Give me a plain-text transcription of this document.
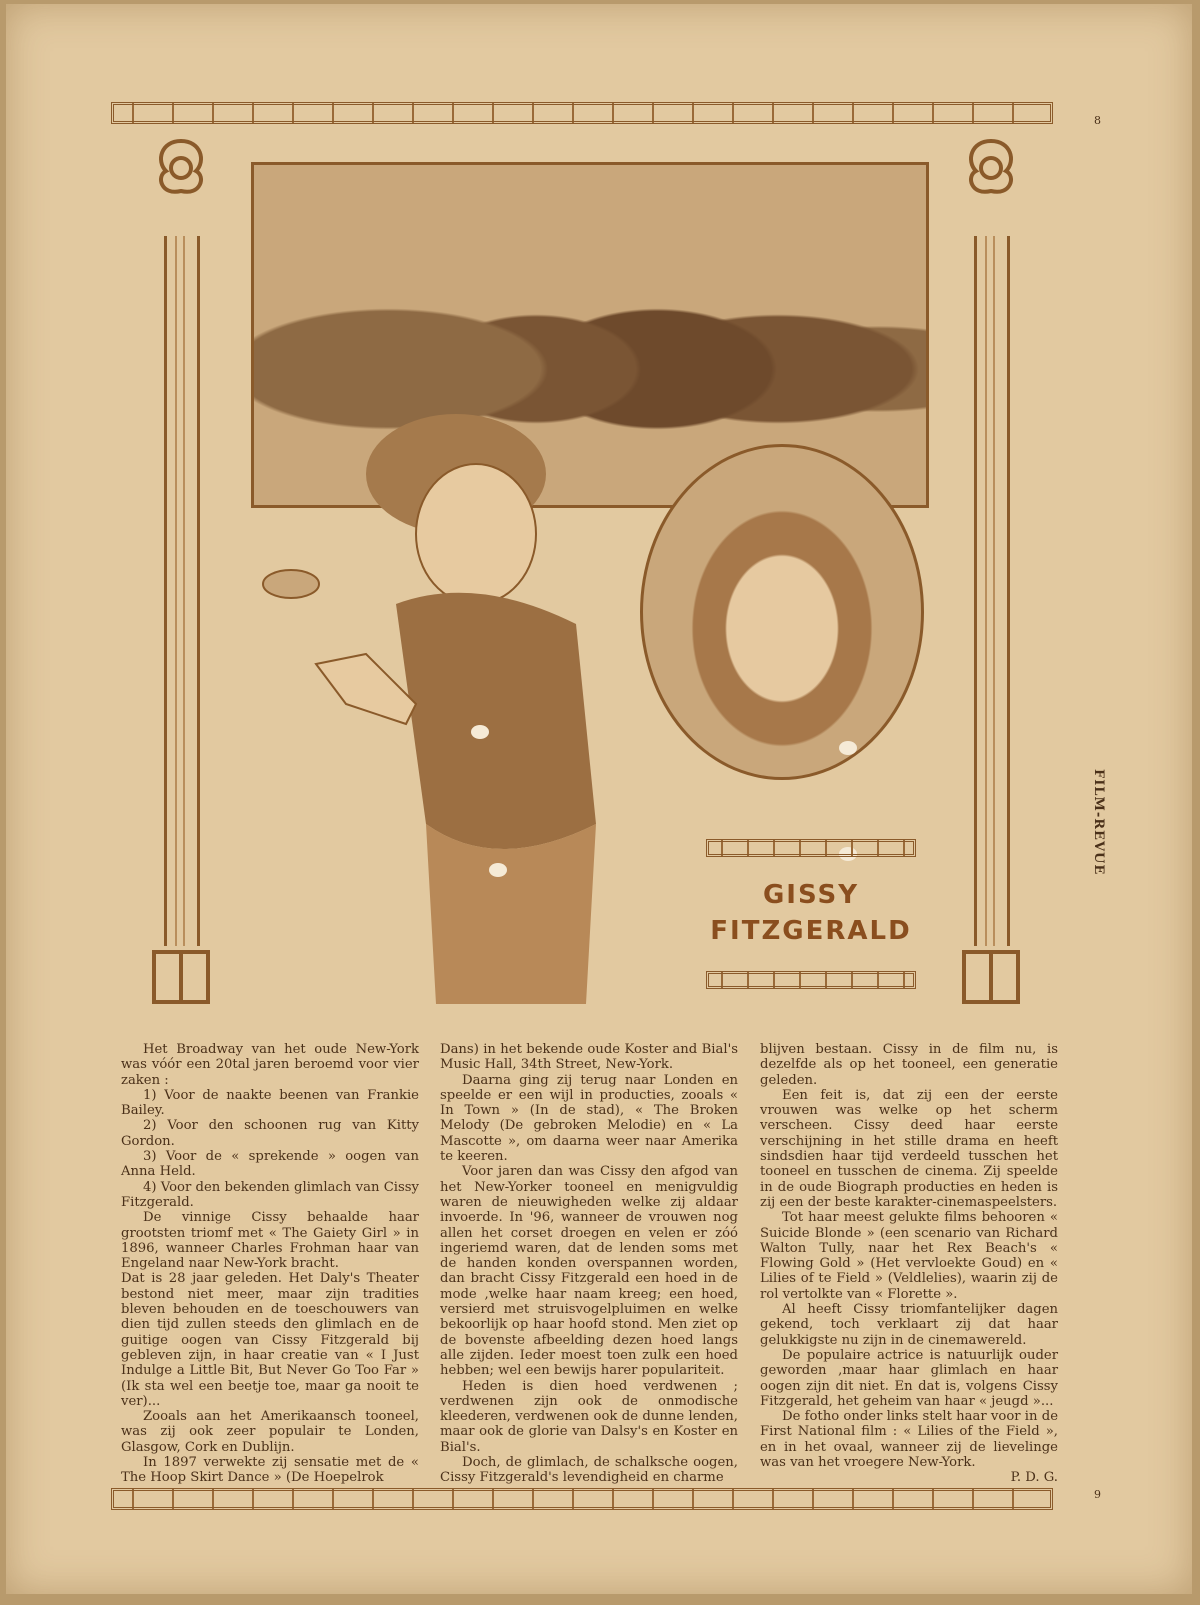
GISSY
FITZGERALD
8
9
FILM-REVUE

Het Broadway van het oude New-York was vóór een 20tal jaren beroemd voor vier zaken :

1) Voor de naakte beenen van Frankie Bailey.

2) Voor den schoonen rug van Kitty Gordon.

3) Voor de « sprekende » oogen van Anna Held.

4) Voor den bekenden glimlach van Cissy Fitzgerald.

De vinnige Cissy behaalde haar grootsten triomf met « The Gaiety Girl » in 1896, wanneer Charles Frohman haar van Engeland naar New-York bracht.

Dat is 28 jaar geleden. Het Daly's Theater bestond niet meer, maar zijn tradities bleven behouden en de toeschouwers van dien tijd zullen steeds den glimlach en de guitige oogen van Cissy Fitzgerald bij gebleven zijn, in haar creatie van « I Just Indulge a Little Bit, But Never Go Too Far » (Ik sta wel een beetje toe, maar ga nooit te ver)...

Zooals aan het Amerikaansch tooneel, was zij ook zeer populair te Londen, Glasgow, Cork en Dublijn.

In 1897 verwekte zij sensatie met de « The Hoop Skirt Dance » (De Hoepelrok

Dans) in het bekende oude Koster and Bial's Music Hall, 34th Street, New-York.

Daarna ging zij terug naar Londen en speelde er een wijl in producties, zooals « In Town » (In de stad), « The Broken Melody (De gebroken Melodie) en « La Mascotte », om daarna weer naar Amerika te keeren.

Voor jaren dan was Cissy den afgod van het New-Yorker tooneel en menigvuldig waren de nieuwigheden welke zij aldaar invoerde. In '96, wanneer de vrouwen nog allen het corset droegen en velen er zóó ingeriemd waren, dat de lenden soms met de handen konden overspannen worden, dan bracht Cissy Fitzgerald een hoed in de mode ,welke haar naam kreeg; een hoed, versierd met struisvogelpluimen en welke bekoorlijk op haar hoofd stond. Men ziet op de bovenste afbeelding dezen hoed langs alle zijden. Ieder moest toen zulk een hoed hebben; wel een bewijs harer populariteit.

Heden is dien hoed verdwenen ; verdwenen zijn ook de onmodische kleederen, verdwenen ook de dunne lenden, maar ook de glorie van Dalsy's en Koster en Bial's.

Doch, de glimlach, de schalksche oogen, Cissy Fitzgerald's levendigheid en charme

blijven bestaan. Cissy in de film nu, is dezelfde als op het tooneel, een generatie geleden.

Een feit is, dat zij een der eerste vrouwen was welke op het scherm verscheen. Cissy deed haar eerste verschijning in het stille drama en heeft sindsdien haar tijd verdeeld tusschen het tooneel en tusschen de cinema. Zij speelde in de oude Biograph producties en heden is zij een der beste karakter-cinemaspeelsters.

Tot haar meest gelukte films behooren « Suicide Blonde » (een scenario van Richard Walton Tully, naar het Rex Beach's « Flowing Gold » (Het vervloekte Goud) en « Lilies of te Field » (Veldlelies), waarin zij de rol vertolkte van « Florette ».

Al heeft Cissy triomfantelijker dagen gekend, toch verklaart zij dat haar gelukkigste nu zijn in de cinemawereld.

De populaire actrice is natuurlijk ouder geworden ,maar haar glimlach en haar oogen zijn dit niet. En dat is, volgens Cissy Fitzgerald, het geheim van haar « jeugd »...

De fotho onder links stelt haar voor in de First National film : « Lilies of the Field », en in het ovaal, wanneer zij de lievelinge was van het vroegere New-York.

P. D. G.
